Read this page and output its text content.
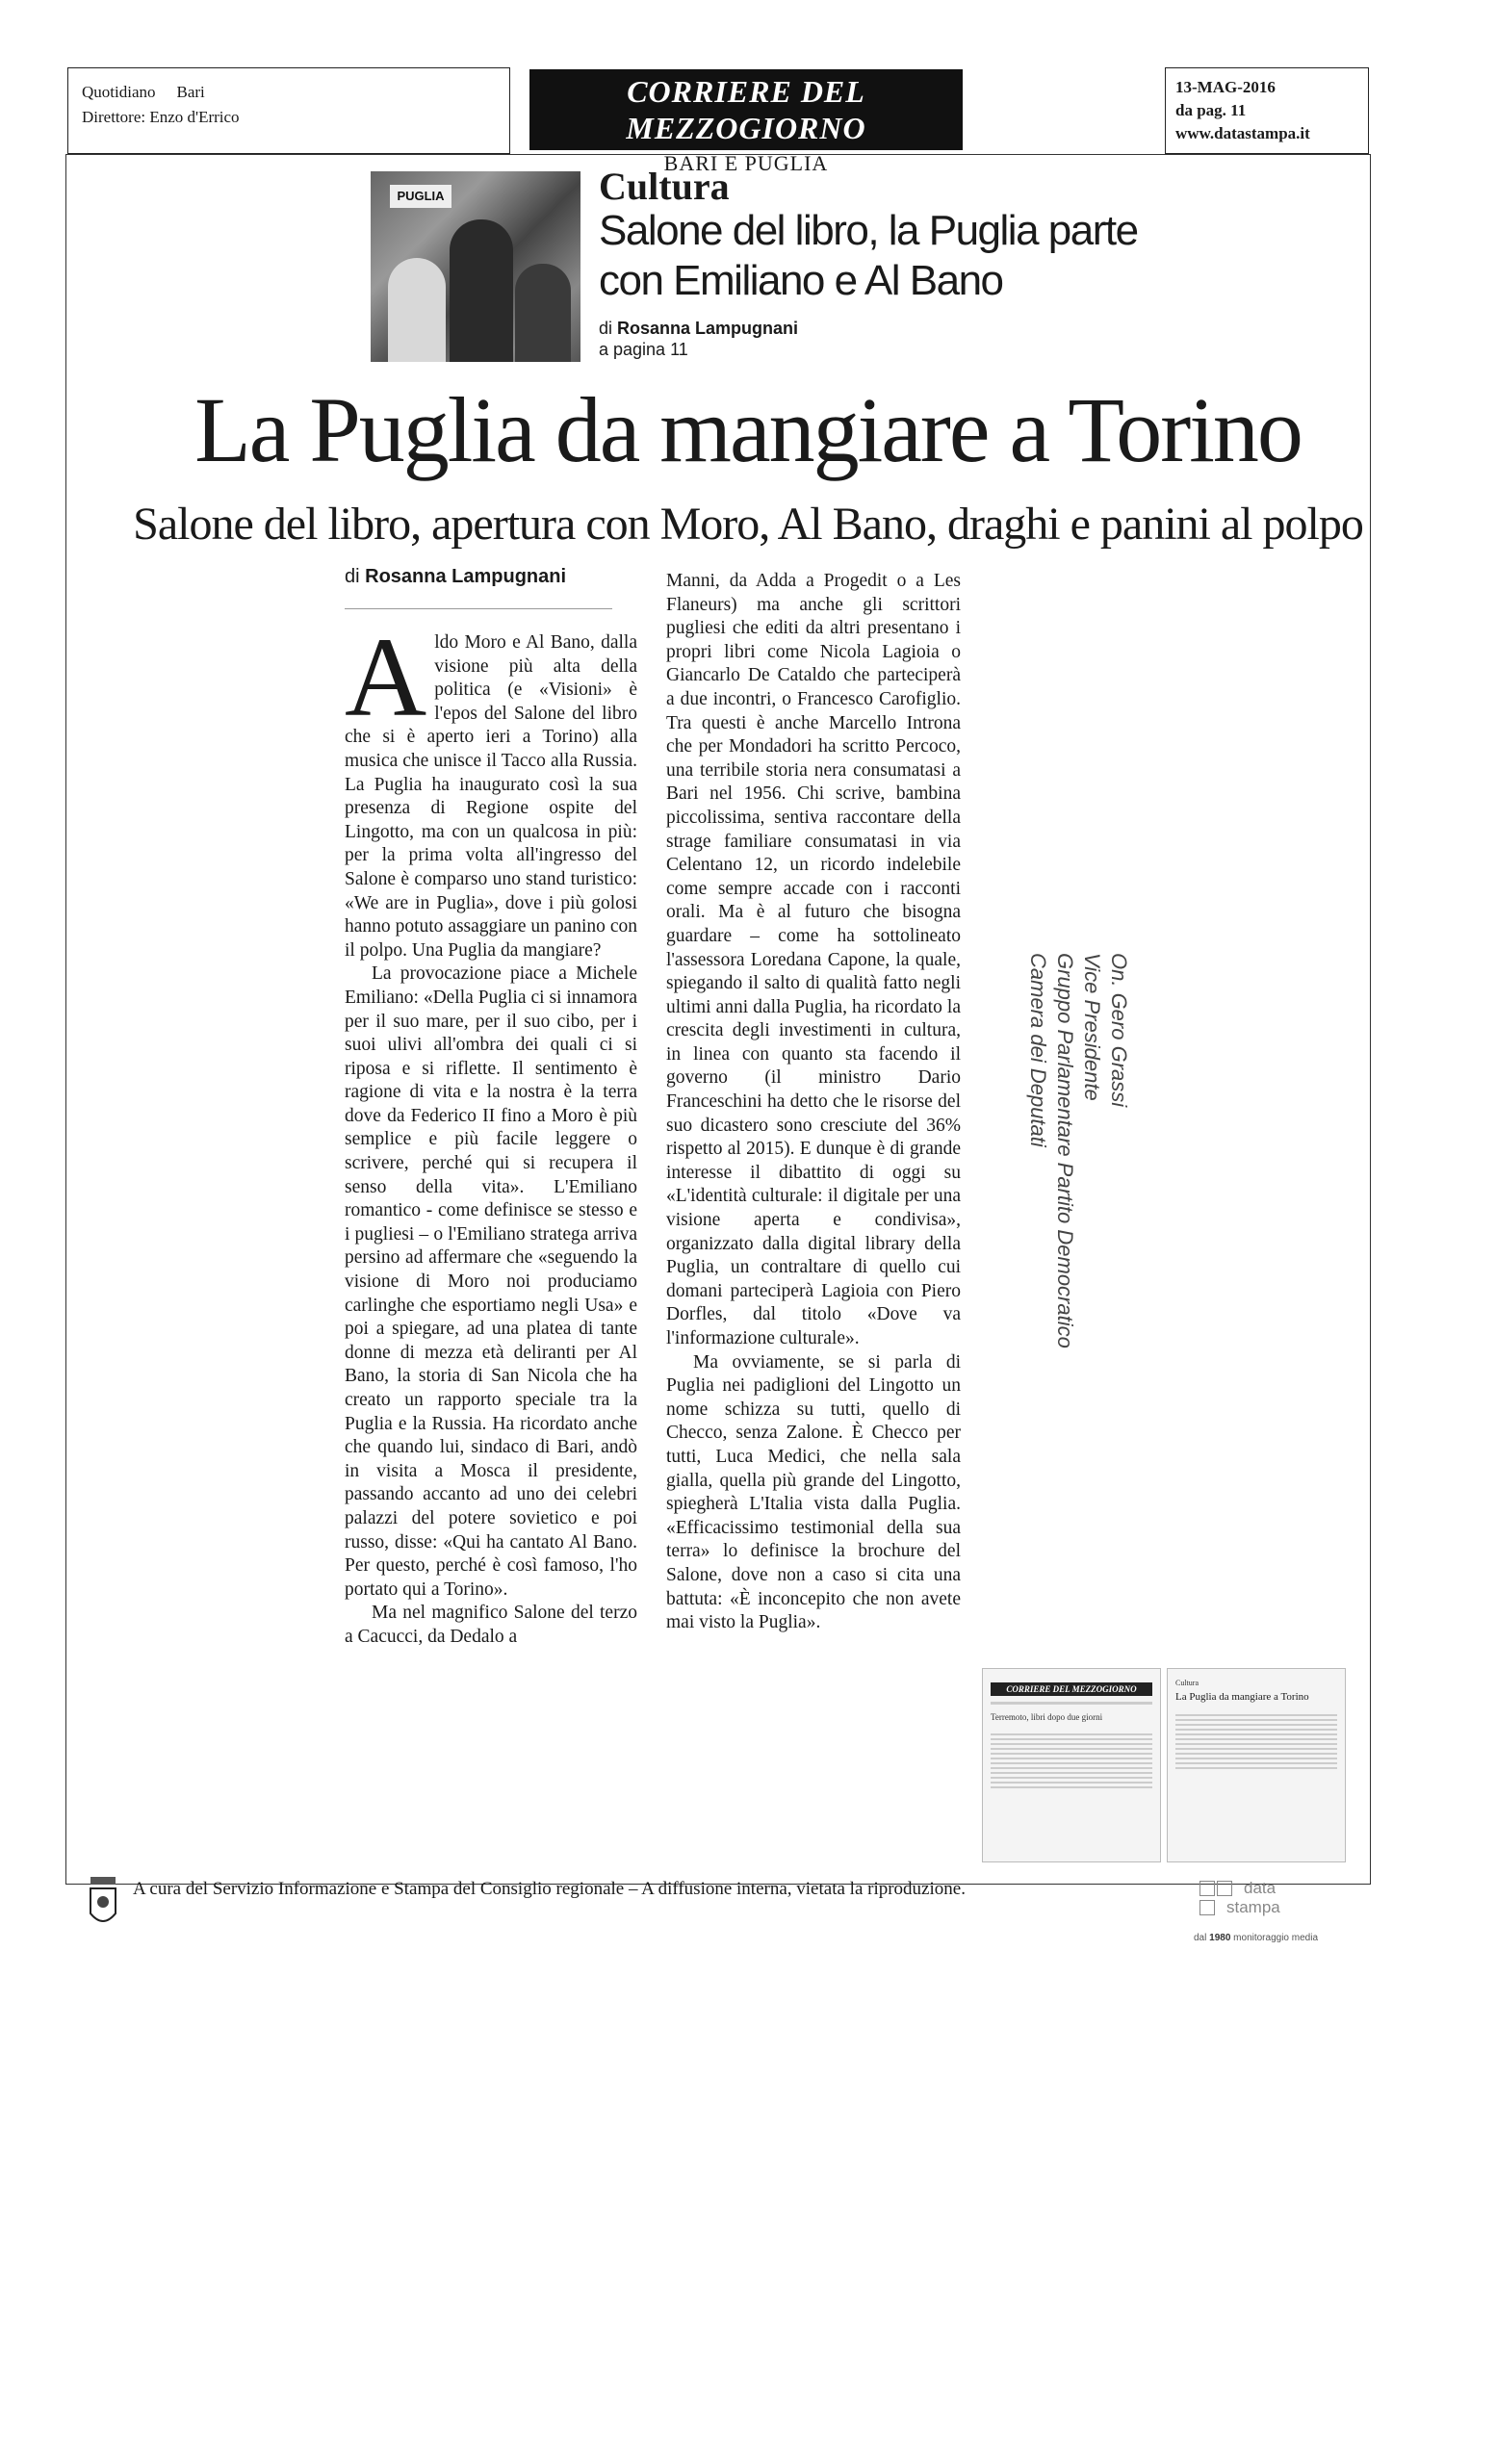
Quotidiano Bari
Direttore: Enzo d'Errico
CORRIERE DEL MEZZOGIORNO
BARI E PUGLIA
13-MAG-2016
da pag. 11
www.datastampa.it
PUGLIA	Cultura
Salone del libro, la Puglia parte con Emiliano e Al Bano
di Rosanna Lampugnani
a pagina 11
La Puglia da mangiare a Torino
Salone del libro, apertura con Moro, Al Bano, draghi e panini al polpo
di Rosanna Lampugnani
A ldo Moro e Al Bano, dalla visione più alta della politica (e «Visioni» è l'epos del Salone del libro che si è aperto ieri a Torino) alla musica che unisce il Tacco alla Russia. La Puglia ha inaugurato così la sua presenza di Regione ospite del Lingotto, ma con un qualcosa in più: per la prima volta all'ingresso del Salone è comparso uno stand turistico: «We are in Puglia», dove i più golosi hanno potuto assaggiare un panino con il polpo. Una Puglia da mangiare?

La provocazione piace a Michele Emiliano: «Della Puglia ci si innamora per il suo mare, per il suo cibo, per i suoi ulivi all'ombra dei quali ci si riposa e si riflette. Il sentimento è ragione di vita e la nostra è la terra dove da Federico II fino a Moro è più semplice e più facile leggere o scrivere, perché qui si recupera il senso della vita». L'Emiliano romantico - come definisce se stesso e i pugliesi – o l'Emiliano stratega arriva persino ad affermare che «seguendo la visione di Moro noi produciamo carlinghe che esportiamo negli Usa» e poi a spiegare, ad una platea di tante donne di mezza età deliranti per Al Bano, la storia di San Nicola che ha creato un rapporto speciale tra la Puglia e la Russia. Ha ricordato anche che quando lui, sindaco di Bari, andò in visita a Mosca il presidente, passando accanto ad uno dei celebri palazzi del potere sovietico e poi russo, disse: «Qui ha cantato Al Bano. Per questo, perché è così famoso, l'ho portato qui a Torino».

Ma nel magnifico Salone del terzo a Cacucci, da Dedalo a

Manni, da Adda a Progedit o a Les Flaneurs) ma anche gli scrittori pugliesi che editi da altri presentano i propri libri come Nicola Lagioia o Giancarlo De Cataldo che parteciperà a due incontri, o Francesco Carofiglio. Tra questi è anche Marcello Introna che per Mondadori ha scritto Percoco, una terribile storia nera consumatasi a Bari nel 1956. Chi scrive, bambina piccolissima, sentiva raccontare della strage familiare consumatasi in via Celentano 12, un ricordo indelebile come sempre accade con i racconti orali. Ma è al futuro che bisogna guardare – come ha sottolineato l'assessora Loredana Capone, la quale, spiegando il salto di qualità fatto negli ultimi anni dalla Puglia, ha ricordato la crescita degli investimenti in cultura, in linea con quanto sta facendo il governo (il ministro Dario Franceschini ha detto che le risorse del suo dicastero sono cresciute del 36% rispetto al 2015). E dunque è di grande interesse il dibattito di oggi su «L'identità culturale: il digitale per una visione aperta e condivisa», organizzato dalla digital library della Puglia, un contraltare di quello cui domani parteciperà Lagioia con Piero Dorfles, dal titolo «Dove va l'informazione culturale».

Ma ovviamente, se si parla di Puglia nei padiglioni del Lingotto un nome schizza su tutti, quello di Checco, senza Zalone. È Checco per tutti, Luca Medici, che nella sala gialla, quella più grande del Lingotto, spiegherà L'Italia vista dalla Puglia. «Efficacissimo testimonial della sua terra» lo definisce la brochure del Salone, dove non a caso si cita una battuta: «È inconcepito che non avete mai visto la Puglia».

On. Gero Grassi
Vice Presidente
Gruppo Parlamentare Partito Democratico
Camera dei Deputati
CORRIERE DEL MEZZOGIORNO
Terremoto, libri dopo due giorni
Cultura
La Puglia da mangiare a Torino
A cura del Servizio Informazione e Stampa del Consiglio regionale – A diffusione interna, vietata la riproduzione.	data
stampa
dal 1980 monitoraggio media
